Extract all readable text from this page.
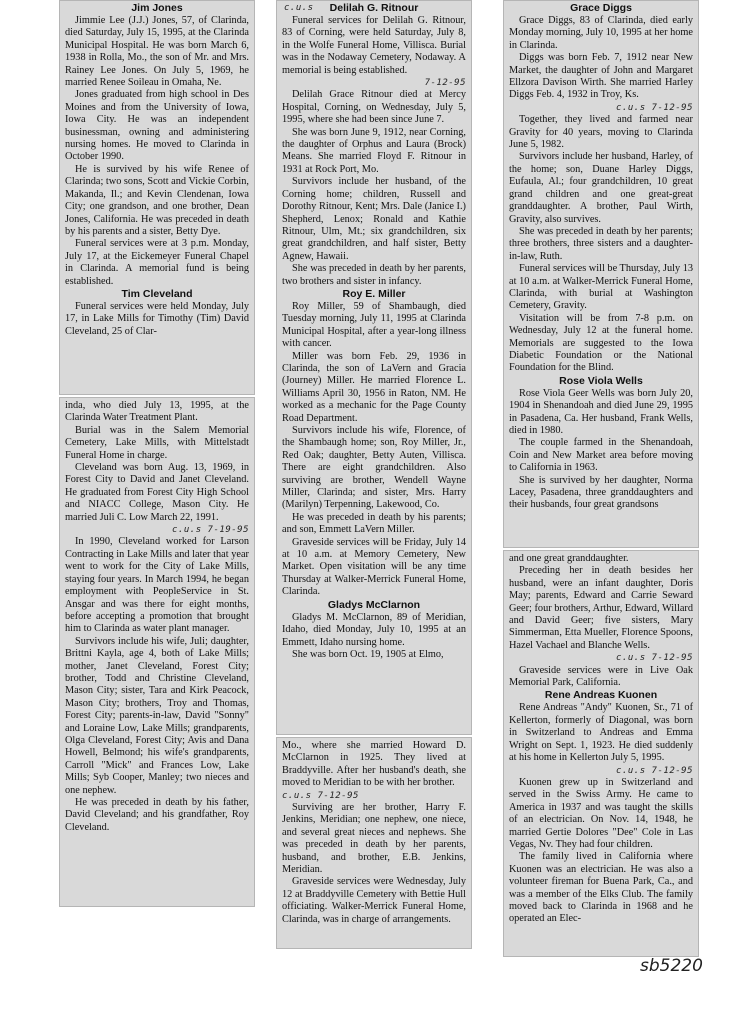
Jim Jones

Jimmie Lee (J.J.) Jones, 57, of Clarinda, died Saturday, July 15, 1995, at the Clarinda Municipal Hospital. He was born March 6, 1938 in Rolla, Mo., the son of Mr. and Mrs. Rainey Lee Jones. On July 5, 1969, he married Renee Soileau in Omaha, Ne.

Jones graduated from high school in Des Moines and from the University of Iowa, Iowa City. He was an independent businessman, owning and administering nursing homes. He moved to Clarinda in October 1990.

He is survived by his wife Renee of Clarinda; two sons, Scott and Vickie Corbin, Makanda, Il.; and Kevin Clendenan, Iowa City; one grandson, and one brother, Dean Jones, California. He was preceded in death by his parents and a sister, Betty Dye.

Funeral services were at 3 p.m. Monday, July 17, at the Eickemeyer Funeral Chapel in Clarinda. A memorial fund is being established.

Tim Cleveland

Funeral services were held Monday, July 17, in Lake Mills for Timothy (Tim) David Cleveland, 25 of Clar-

inda, who died July 13, 1995, at the Clarinda Water Treatment Plant.

Burial was in the Salem Memorial Cemetery, Lake Mills, with Mittelstadt Funeral Home in charge.

Cleveland was born Aug. 13, 1969, in Forest City to David and Janet Cleveland. He graduated from Forest City High School and NIACC College, Mason City. He married Juli C. Low March 22, 1991.

c.u.s 7-19-95

In 1990, Cleveland worked for Larson Contracting in Lake Mills and later that year went to work for the City of Lake Mills, staying four years. In March 1994, he began employment with PeopleService in St. Ansgar and was there for eight months, before accepting a promotion that brought him to Clarinda as water plant manager.

Survivors include his wife, Juli; daughter, Brittni Kayla, age 4, both of Lake Mills; mother, Janet Cleveland, Forest City; brother, Todd and Christine Cleveland, Mason City; sister, Tara and Kirk Peacock, Mason City; brothers, Troy and Thomas, Forest City; parents-in-law, David "Sonny" and Loraine Low, Lake Mills; grandparents, Olga Cleveland, Forest City; Avis and Dana Howell, Belmond; his wife's grandparents, Carroll "Mick" and Frances Low, Lake Mills; Syb Cooper, Manley; two nieces and one nephew.

He was preceded in death by his father, David Cleveland; and his grandfather, Roy Cleveland.

c.u.s	Delilah G. Ritnour

Funeral services for Delilah G. Ritnour, 83 of Corning, were held Saturday, July 8, in the Wolfe Funeral Home, Villisca. Burial was in the Nodaway Cemetery, Nodaway. A memorial is being established.

7-12-95

Delilah Grace Ritnour died at Mercy Hospital, Corning, on Wednesday, July 5, 1995, where she had been since June 7.

She was born June 9, 1912, near Corning, the daughter of Orphus and Laura (Brock) Means. She married Floyd F. Ritnour in 1931 at Rock Port, Mo.

Survivors include her husband, of the Corning home; children, Russell and Dorothy Ritnour, Kent; Mrs. Dale (Janice I.) Shepherd, Lenox; Ronald and Kathie Ritnour, Ulm, Mt.; six grandchildren, six great grandchildren, and half sister, Betty Agnew, Hawaii.

She was preceded in death by her parents, two brothers and sister in infancy.

Roy E. Miller

Roy Miller, 59 of Shambaugh, died Tuesday morning, July 11, 1995 at Clarinda Municipal Hospital, after a year-long illness with cancer.

Miller was born Feb. 29, 1936 in Clarinda, the son of LaVern and Gracia (Journey) Miller. He married Florence L. Williams April 30, 1956 in Raton, NM. He worked as a mechanic for the Page County Road Department.

Survivors include his wife, Florence, of the Shambaugh home; son, Roy Miller, Jr., Red Oak; daughter, Betty Auten, Villisca. There are eight grandchildren. Also surviving are brother, Wendell Wayne Miller, Clarinda; and sister, Mrs. Harry (Marilyn) Terpenning, Lakewood, Co.

He was preceded in death by his parents; and son, Emmett LaVern Miller.

Graveside services will be Friday, July 14 at 10 a.m. at Memory Cemetery, New Market. Open visitation will be any time Thursday at Walker-Merrick Funeral Home, Clarinda.

Gladys McClarnon

Gladys M. McClarnon, 89 of Meridian, Idaho, died Monday, July 10, 1995 at an Emmett, Idaho nursing home.

She was born Oct. 19, 1905 at Elmo,

Mo., where she married Howard D. McClarnon in 1925. They lived at Braddyville. After her husband's death, she moved to Meridian to be with her brother.

c.u.s 7-12-95

Surviving are her brother, Harry F. Jenkins, Meridian; one nephew, one niece, and several great nieces and nephews. She was preceded in death by her parents, husband, and brother, E.B. Jenkins, Meridian.

Graveside services were Wednesday, July 12 at Braddyville Cemetery with Bettie Hull officiating. Walker-Merrick Funeral Home, Clarinda, was in charge of arrangements.

Grace Diggs

Grace Diggs, 83 of Clarinda, died early Monday morning, July 10, 1995 at her home in Clarinda.

Diggs was born Feb. 7, 1912 near New Market, the daughter of John and Margaret Ellzora Davison Wirth. She married Harley Diggs Feb. 4, 1932 in Troy, Ks.

c.u.s 7-12-95

Together, they lived and farmed near Gravity for 40 years, moving to Clarinda June 5, 1982.

Survivors include her husband, Harley, of the home; son, Duane Harley Diggs, Eufaula, Al.; four grandchildren, 10 great grand children and one great-great granddaughter. A brother, Paul Wirth, Gravity, also survives.

She was preceded in death by her parents; three brothers, three sisters and a daughter-in-law, Ruth.

Funeral services will be Thursday, July 13 at 10 a.m. at Walker-Merrick Funeral Home, Clarinda, with burial at Washington Cemetery, Gravity.

Visitation will be from 7-8 p.m. on Wednesday, July 12 at the funeral home. Memorials are suggested to the Iowa Diabetic Foundation or the National Foundation for the Blind.

Rose Viola Wells

Rose Viola Geer Wells was born July 20, 1904 in Shenandoah and died June 29, 1995 in Pasadena, Ca. Her husband, Frank Wells, died in 1980.

The couple farmed in the Shenandoah, Coin and New Market area before moving to California in 1963.

She is survived by her daughter, Norma Lacey, Pasadena, three granddaughters and their husbands, four great grandsons

and one great granddaughter.

Preceding her in death besides her husband, were an infant daughter, Doris May; parents, Edward and Carrie Seward Geer; four brothers, Arthur, Edward, Willard and David Geer; five sisters, Mary Simmerman, Etta Mueller, Florence Spoons, Hazel Vachael and Blanche Wells.

c.u.s 7-12-95

Graveside services were in Live Oak Memorial Park, California.

Rene Andreas Kuonen

Rene Andreas "Andy" Kuonen, Sr., 71 of Kellerton, formerly of Diagonal, was born in Switzerland to Andreas and Emma Wright on Sept. 1, 1923. He died suddenly at his home in Kellerton July 5, 1995.

c.u.s 7-12-95

Kuonen grew up in Switzerland and served in the Swiss Army. He came to America in 1937 and was taught the skills of an electrician. On Nov. 14, 1948, he married Gertie Dolores "Dee" Cole in Las Vegas, Nv. They had four children.

The family lived in California where Kuonen was an electrician. He was also a volunteer fireman for Buena Park, Ca., and was a member of the Elks Club. The family moved back to Clarinda in 1968 and he operated an Elec-

sb5220
